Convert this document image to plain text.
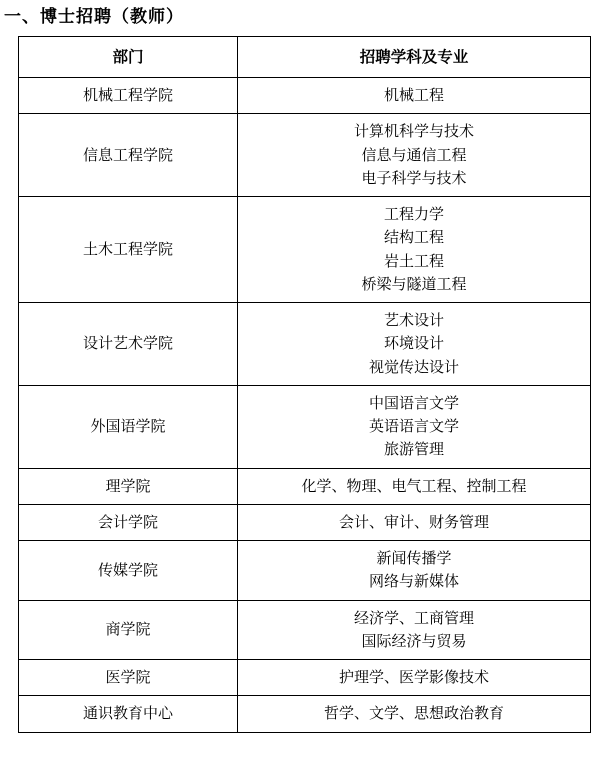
一、博士招聘（教师）
部门	招聘学科及专业
机械工程学院	机械工程

信息工程学院	计算机科学与技术
信息与通信工程
电子科学与技术

土木工程学院	工程力学
结构工程
岩土工程
桥梁与隧道工程

设计艺术学院	艺术设计
环境设计
视觉传达设计

外国语学院	中国语言文学
英语语言文学
旅游管理

理学院	化学、物理、电气工程、控制工程

会计学院	会计、审计、财务管理

传媒学院	新闻传播学
网络与新媒体

商学院	经济学、工商管理
国际经济与贸易

医学院	护理学、医学影像技术

通识教育中心	哲学、文学、思想政治教育
